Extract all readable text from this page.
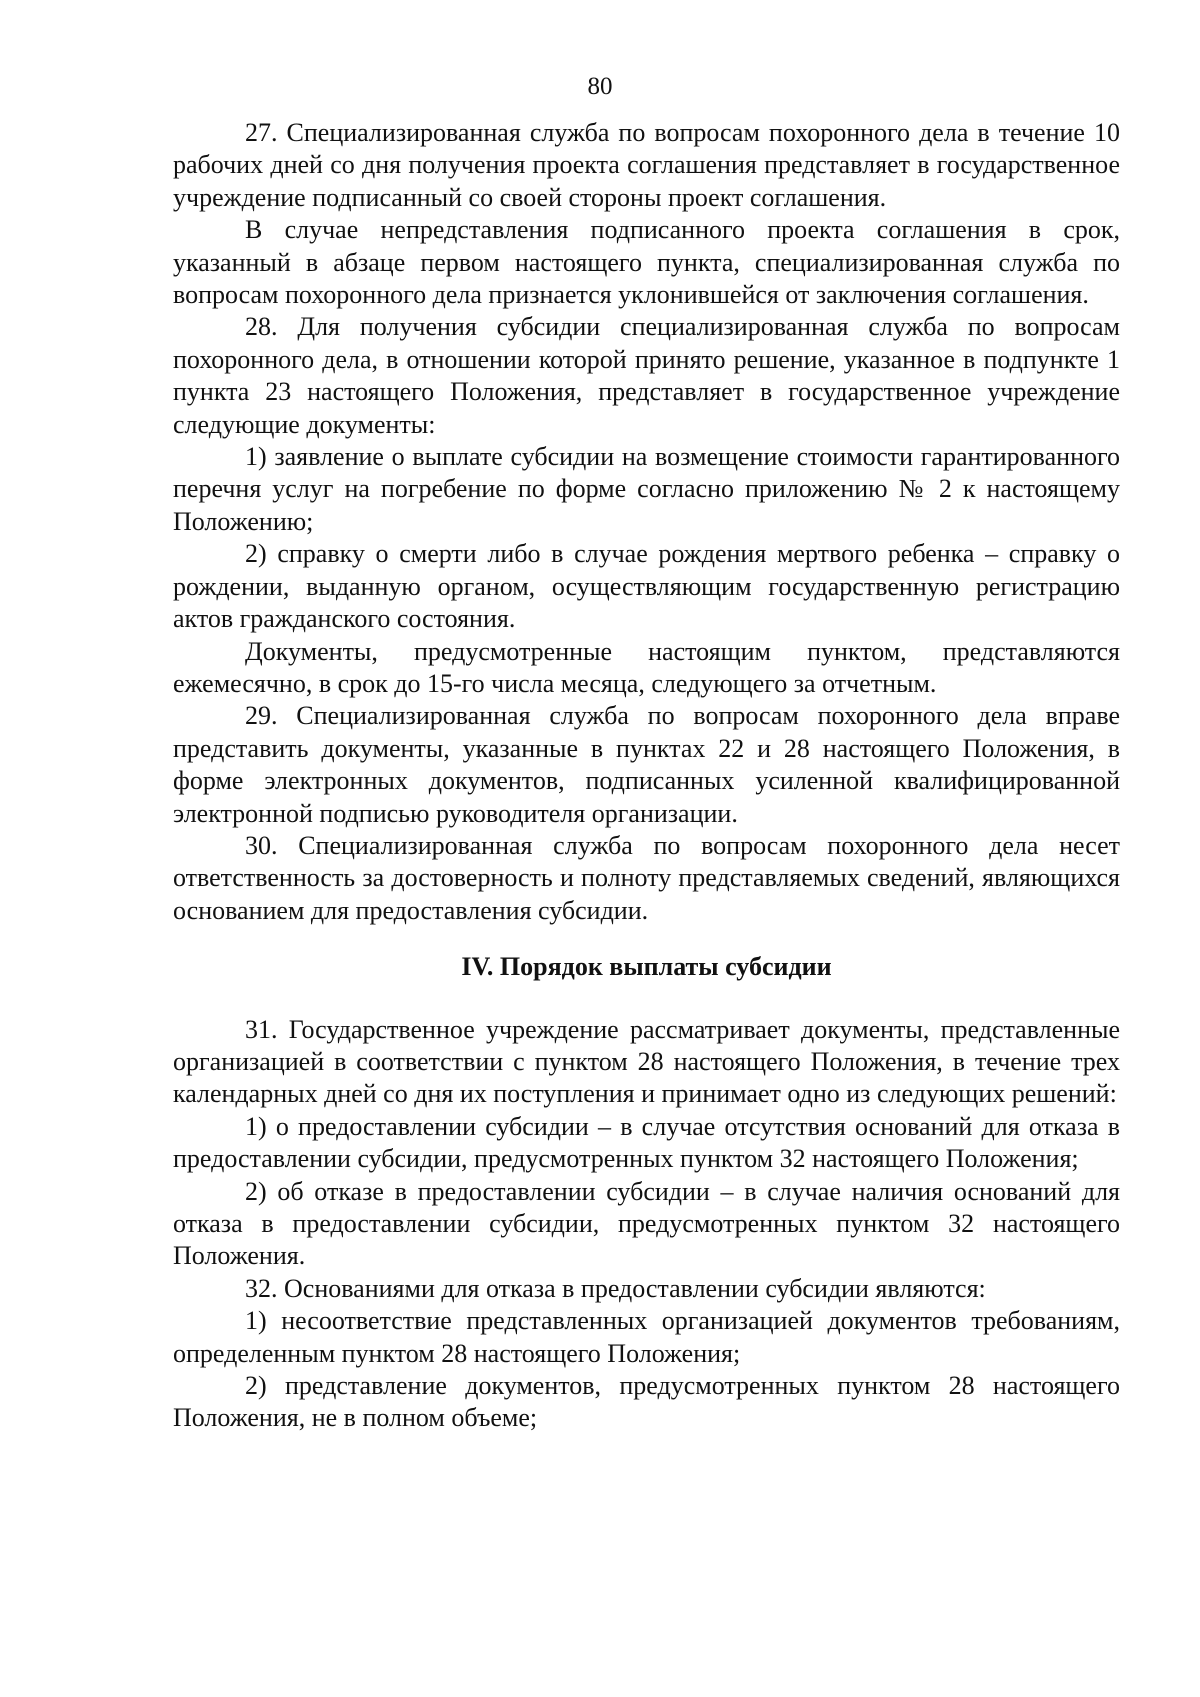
80

27. Специализированная служба по вопросам похоронного дела в течение 10 рабочих дней со дня получения проекта соглашения представляет в государственное учреждение подписанный со своей стороны проект соглашения.

В случае непредставления подписанного проекта соглашения в срок, указанный в абзаце первом настоящего пункта, специализированная служба по вопросам похоронного дела признается уклонившейся от заключения соглашения.

28. Для получения субсидии специализированная служба по вопросам похоронного дела, в отношении которой принято решение, указанное в подпункте 1 пункта 23 настоящего Положения, представляет в государственное учреждение следующие документы:

1) заявление о выплате субсидии на возмещение стоимости гарантированного перечня услуг на погребение по форме согласно приложению № 2 к настоящему Положению;

2) справку о смерти либо в случае рождения мертвого ребенка – справку о рождении, выданную органом, осуществляющим государственную регистрацию актов гражданского состояния.

Документы, предусмотренные настоящим пунктом, представляются ежемесячно, в срок до 15-го числа месяца, следующего за отчетным.

29. Специализированная служба по вопросам похоронного дела вправе представить документы, указанные в пунктах 22 и 28 настоящего Положения, в форме электронных документов, подписанных усиленной квалифицированной электронной подписью руководителя организации.

30. Специализированная служба по вопросам похоронного дела несет ответственность за достоверность и полноту представляемых сведений, являющихся основанием для предоставления субсидии.

IV. Порядок выплаты субсидии

31. Государственное учреждение рассматривает документы, представленные организацией в соответствии с пунктом 28 настоящего Положения, в течение трех календарных дней со дня их поступления и принимает одно из следующих решений:

1) о предоставлении субсидии – в случае отсутствия оснований для отказа в предоставлении субсидии, предусмотренных пунктом 32 настоящего Положения;

2) об отказе в предоставлении субсидии – в случае наличия оснований для отказа в предоставлении субсидии, предусмотренных пунктом 32 настоящего Положения.

32. Основаниями для отказа в предоставлении субсидии являются:

1) несоответствие представленных организацией документов требованиям, определенным пунктом 28 настоящего Положения;

2) представление документов, предусмотренных пунктом 28 настоящего Положения, не в полном объеме;
